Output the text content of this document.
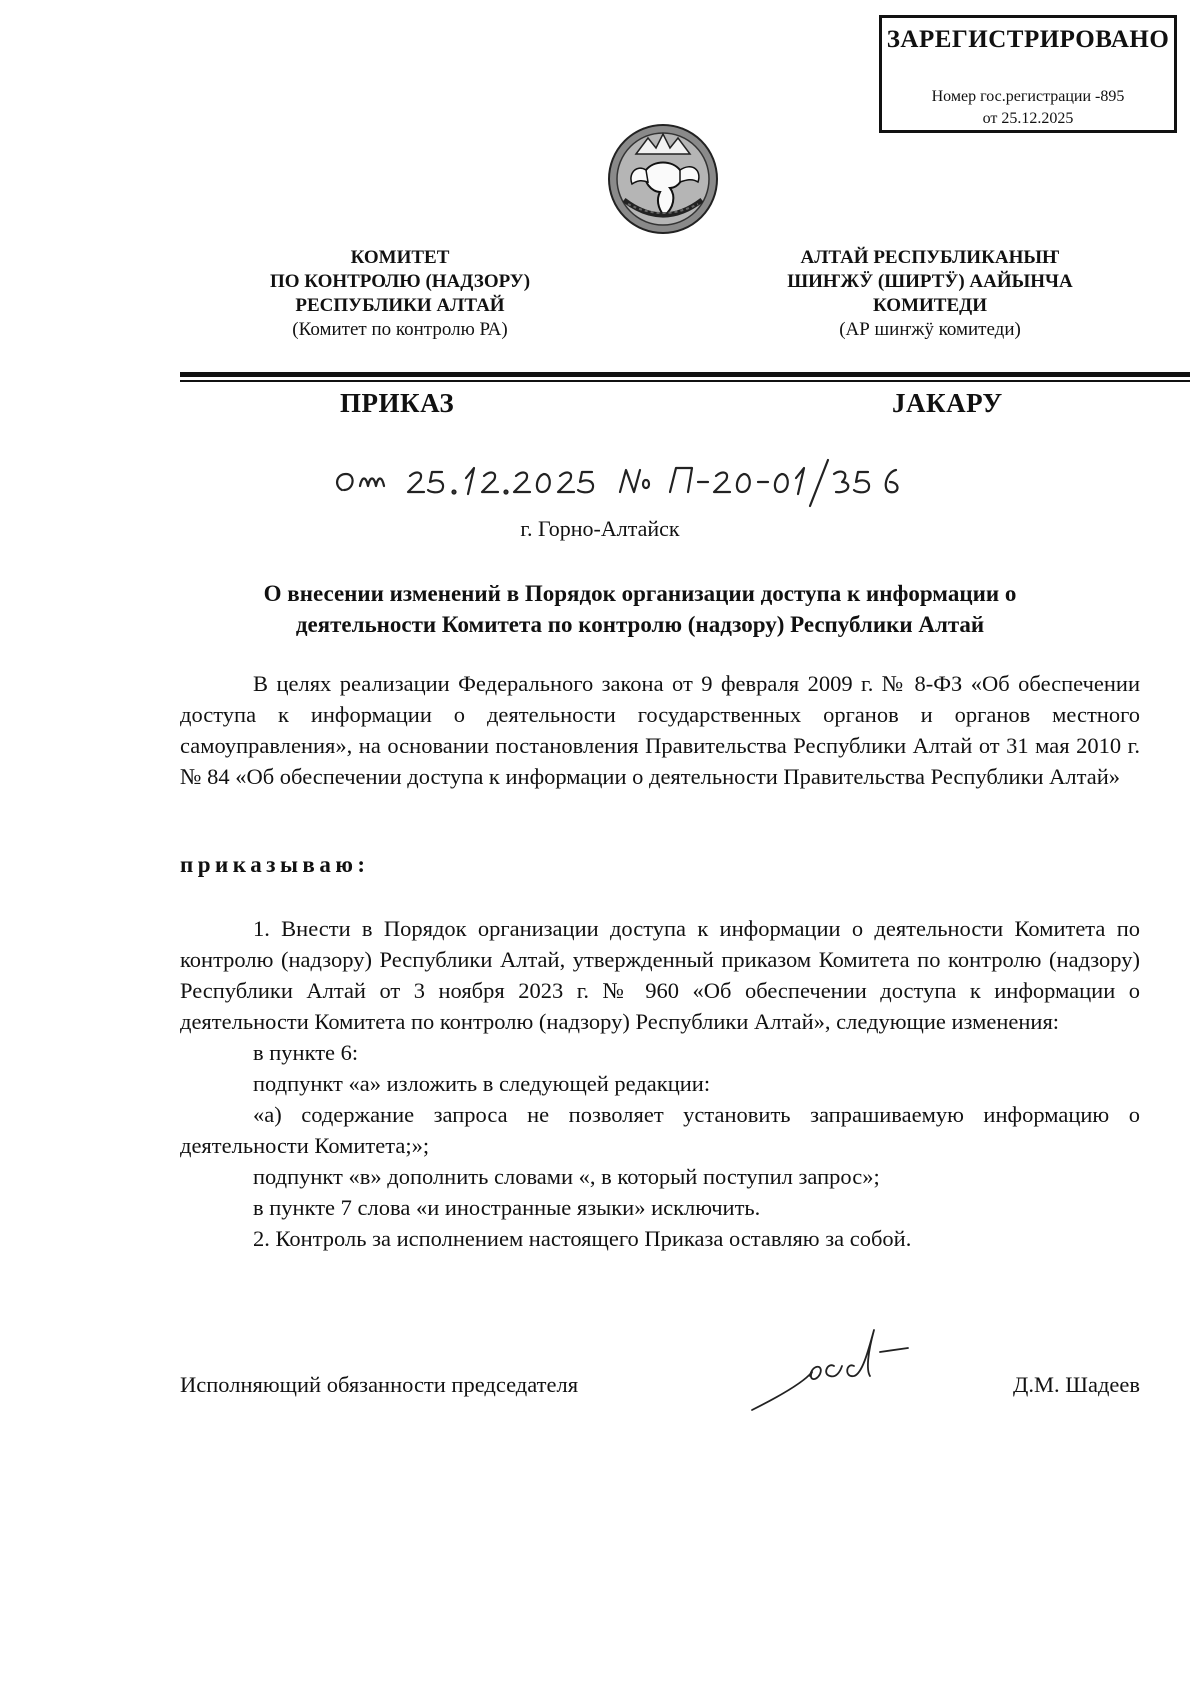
ЗАРЕГИСТРИРОВАНО
Номер гос.регистрации -895
от 25.12.2025
КОМИТЕТ
ПО КОНТРОЛЮ (НАДЗОРУ)
РЕСПУБЛИКИ АЛТАЙ
(Комитет по контролю РА)
АЛТАЙ РЕСПУБЛИКАНЫҤ
ШИҤЖӰ (ШИРТӰ) ААЙЫНЧА
КОМИТЕДИ
(АР шиҥжӱ комитеди)
ПРИКАЗ	ЈАКАРУ
г. Горно-Алтайск
О внесении изменений в Порядок организации доступа к информации о
деятельности Комитета по контролю (надзору) Республики Алтай

В целях реализации Федерального закона от 9 февраля 2009 г. № 8-ФЗ «Об обеспечении доступа к информации о деятельности государственных органов и органов местного самоуправления», на основании постановления Правительства Республики Алтай от 31 мая 2010 г. № 84 «Об обеспечении доступа к информации о деятельности Правительства Республики Алтай»

приказываю:

1. Внести в Порядок организации доступа к информации о деятельности Комитета по контролю (надзору) Республики Алтай, утвержденный приказом Комитета по контролю (надзору) Республики Алтай от 3 ноября 2023 г. № 960 «Об обеспечении доступа к информации о деятельности Комитета по контролю (надзору) Республики Алтай», следующие изменения:

в пункте 6:

подпункт «а» изложить в следующей редакции:

«а) содержание запроса не позволяет установить запрашиваемую информацию о деятельности Комитета;»;

подпункт «в» дополнить словами «, в который поступил запрос»;

в пункте 7 слова «и иностранные языки» исключить.

2. Контроль за исполнением настоящего Приказа оставляю за собой.

Исполняющий обязанности председателя	Д.М. Шадеев
